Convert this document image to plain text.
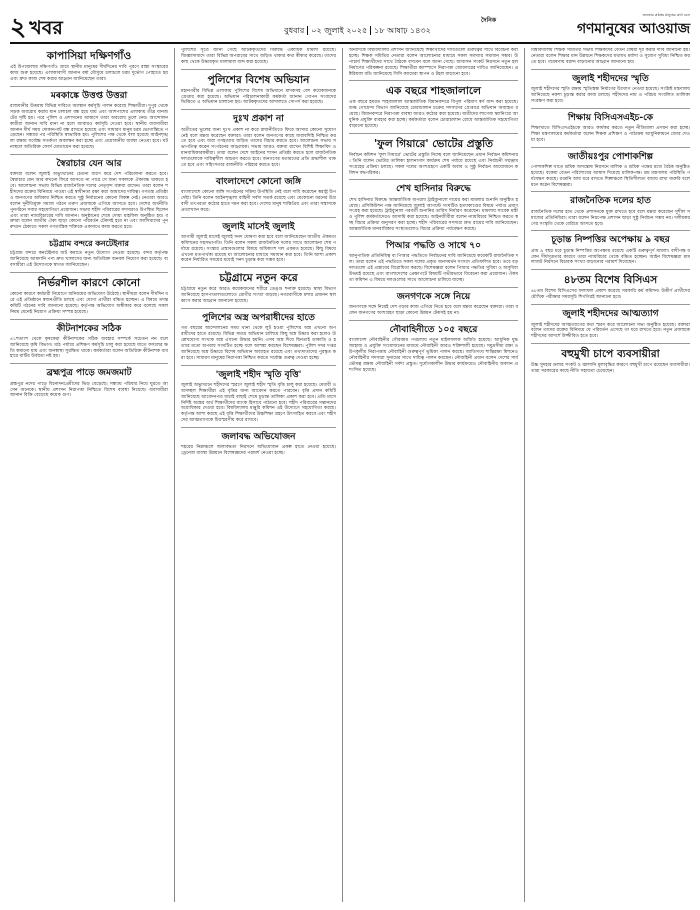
২ খবর	বুধবার ০২ জুলাই ২০২৫ ১৮ আষাঢ় ১৪৩২
জনতার কণ্ঠস্বর মানুষের কথা বলে
দৈনিক
গণমানুষের আওয়াজ
কাপাসিয়া দক্ষিণগাঁও
এই উপজেলার দক্ষিণগাঁও গ্রামে স্থানীয় মানুষের দীর্ঘদিনের দাবি পূরণে রাস্তা সংস্কারের কাজ শুরু হয়েছে। এলাকাবাসী জানান বর্ষা মৌসুমে চলাচলে চরম দুর্ভোগ পোহাতে হয় এবং দ্রুত কাজ শেষ করার আহ্বান জানিয়েছেন তারা।
মৰকাঙ্কে উত্তপ্ত উত্তরা
রাজধানীর উত্তরায় বিভিন্ন দাবিতে অবস্থান কর্মসূচি পালন করেছে শিক্ষার্থীরা। দুপুর থেকে সড়ক অবরোধ করায় যান চলাচল বন্ধ হয়ে যায় এবং আশপাশের এলাকায় তীব্র যানজটের সৃষ্টি হয়। পরে পুলিশ ও প্রশাসনের আশ্বাসে তারা অবরোধ তুলে নেয়। আন্দোলনকারীরা জানান দাবি মানা না হলে আবারও কর্মসূচি দেওয়া হবে। স্থানীয় ব্যবসায়ীরা জানান দীর্ঘ সময় দোকানপাট বন্ধ রাখতে হয়েছে এবং সাধারণ মানুষ চরম ভোগান্তিতে পড়েছেন। সন্ধ্যার পর পরিস্থিতি স্বাভাবিক হয়। পুলিশের পক্ষ থেকে বলা হয়েছে আইনশৃঙ্খলা রক্ষায় সর্বোচ্চ সতর্কতা অবলম্বন করা হচ্ছে এবং প্রয়োজনীয় ব্যবস্থা নেওয়া হবে। ঘটনাস্থলে অতিরিক্ত ফোর্স মোতায়েন করা হয়েছে।
স্বৈরাচার যেন আর
বক্তারা বলেন জুলাই অভ্যুত্থানের চেতনা ধারণ করে দেশ পরিচালনা করতে হবে। স্বৈরাচার যেন আর কখনো ফিরে আসতে না পারে সে জন্য সকলকে ঐক্যবদ্ধ থাকতে হবে। আলোচনা সভায় বিভিন্ন রাজনৈতিক দলের নেতৃবৃন্দ বক্তব্য রাখেন। তারা বলেন শহীদদের রক্তের বিনিময়ে পাওয়া এই স্বাধীনতা রক্ষা করা আমাদের দায়িত্ব। গণতন্ত্র প্রতিষ্ঠা ও জনগণের অধিকার নিশ্চিত করতে সুষ্ঠু নির্বাচনের কোনো বিকল্প নেই। নেতারা আরও বলেন দুর্নীতিমুক্ত সমাজ গঠনে তরুণ প্রজন্মকে এগিয়ে আসতে হবে। দেশের অর্থনীতি পুনর্গঠনে সবার সহযোগিতা প্রয়োজন। সভায় শহীদ পরিবারের সদস্যরাও উপস্থিত ছিলেন এবং তারা ন্যায়বিচারের দাবি জানান। অনুষ্ঠানের শেষে দোয়া মাহফিল অনুষ্ঠিত হয়। বক্তারা বলেন জাতীয় ঐক্য ছাড়া কোনো পরিবর্তন টেকসই হবে না এবং ফ্যাসিবাদের পুনরুত্থান ঠেকাতে সকল গণতান্ত্রিক শক্তিকে একসাথে কাজ করতে হবে।
চট্টগ্রাম বন্দরে কনটেইনার
চট্টগ্রাম বন্দরে কনটেইনার জট কমাতে নতুন উদ্যোগ নেওয়া হয়েছে। বন্দর কর্তৃপক্ষ জানিয়েছে আমদানি পণ্য দ্রুত খালাসের জন্য অতিরিক্ত জনবল নিয়োগ করা হয়েছে। ব্যবসায়ীরা এই উদ্যোগকে স্বাগত জানিয়েছেন।
নির্ভরশীল কারণে কোনো
কোনো কারণে কর্মচারী নিয়োগে অনিয়মের অভিযোগ উঠেছে। স্থানীয়রা বলেন দীর্ঘদিন ধরে এই প্রতিষ্ঠানে স্বজনপ্রীতি চলছে এবং যোগ্য প্রার্থীরা বঞ্চিত হচ্ছেন। এ বিষয়ে তদন্ত কমিটি গঠনের দাবি জানানো হয়েছে। কর্তৃপক্ষ অভিযোগ অস্বীকার করে বলেছে সকল নিয়ম মেনেই নিয়োগ প্রক্রিয়া সম্পন্ন হয়েছে।
কীটনাশকের সঠিক
৪১শতাংশ থেকে কৃষকেরা কীটনাশকের সঠিক ব্যবহার সম্পর্কে সচেতন নন বলে জানিয়েছে কৃষি বিভাগ। মাঠ পর্যায়ে প্রশিক্ষণ কর্মসূচি চালু করা হয়েছে যাতে ফসলের ক্ষতি কমানো যায় এবং জনস্বাস্থ্য সুরক্ষিত থাকে। কর্মকর্তারা বলেন অতিরিক্ত কীটনাশক ব্যবহারে মাটির উর্বরতা নষ্ট হয়।
ব্রহ্মপুত্র পাড়ে জমজমাট
ব্রহ্মপুত্র নদের পাড়ে বিনোদনপ্রেমীদের ভিড় বেড়েছে। সন্ধ্যায় পরিবার নিয়ে ঘুরতে আসেন অনেকে। স্থানীয় প্রশাসন নিরাপত্তা নিশ্চিতে বিশেষ ব্যবস্থা নিয়েছে। ব্যবসায়ীরা জানান বিক্রি বেড়েছে কয়েক গুণ।
পুলিশের সূত্রে জানা গেছে আটককৃতদের বিরুদ্ধে একাধিক মামলা রয়েছে। জিজ্ঞাসাবাদে তারা বিভিন্ন অপরাধের সাথে জড়িত থাকার কথা স্বীকার করেছে। তাদের কাছ থেকে উদ্ধারকৃত মালামাল জব্দ করা হয়েছে।
পুলিশের বিশেষ অভিযান
মহানগরীর বিভিন্ন এলাকায় পুলিশের বিশেষ অভিযানে মাদকসহ বেশ কয়েকজনকে গ্রেপ্তার করা হয়েছে। অভিযান পরিচালনাকারী কর্মকর্তা জানান গোপন সংবাদের ভিত্তিতে এ অভিযান চালানো হয়। আটককৃতদের আদালতে সোপর্দ করা হয়েছে।
দুঃখ প্রকাশ না
অতীতের ভুলের জন্য দুঃখ প্রকাশ না করে রাজনীতিতে ফিরে আসার কোনো সুযোগ নেই বলে মন্তব্য করেছেন বক্তারা। তারা বলেন জনগণের কাছে জবাবদিহি নিশ্চিত করতে হবে এবং যারা গণহত্যায় জড়িত তাদের বিচার করতে হবে। আলোচনা সভায় সভাপতিত্ব করেন সংগঠনের আহ্বায়ক। সভায় আরও বক্তব্য রাখেন বিশিষ্ট শিক্ষাবিদ ও মানবাধিকারকর্মীরা। তারা বলেন দেশে আইনের শাসন প্রতিষ্ঠা করতে হলে রাজনৈতিক দলগুলোকে দায়িত্বশীল আচরণ করতে হবে। জনগণের মতামতের প্রতি শ্রদ্ধাশীল থাকতে হবে এবং সহিংসতার রাজনীতি পরিহার করতে হবে।
বাংলাদেশে কোনো জঙ্গি
বাংলাদেশে কোনো জঙ্গি সংগঠনের সক্রিয় উপস্থিতি নেই বলে দাবি করেছেন স্বরাষ্ট্র উপদেষ্টা। তিনি বলেন আইনশৃঙ্খলা বাহিনী সর্বদা সতর্ক রয়েছে এবং যেকোনো ধরনের উগ্রবাদী তৎপরতা কঠোর হাতে দমন করা হবে। দেশের মানুষ শান্তিপ্রিয় এবং তারা সন্ত্রাসকে প্রত্যাখ্যান করে।
জুলাই মাসেই জুলাই
আগামী জুলাই মাসেই জুলাই সনদ ঘোষণা করা হবে বলে জানিয়েছেন জাতীয় ঐকমত্য কমিশনের সহসভাপতি। তিনি বলেন সকল রাজনৈতিক দলের সাথে আলোচনা শেষ পর্যায়ে রয়েছে। সংস্কার প্রস্তাবগুলোর বিষয়ে অধিকাংশ দল একমত হয়েছে। কিছু বিষয়ে এখনো মতপার্থক্য রয়েছে যা আলোচনার মাধ্যমে সমাধান করা হবে। তিনি আশা প্রকাশ করেন নির্ধারিত সময়ের মধ্যেই সনদ চূড়ান্ত করা সম্ভব হবে।
চট্টগ্রামে নতুন করে
চট্টগ্রামে নতুন করে আরও কয়েকজনের শরীরে ডেঙ্গু শনাক্ত হয়েছে। স্বাস্থ্য বিভাগ জানিয়েছে হাসপাতালগুলোতে রোগীর সংখ্যা বাড়ছে। নগরবাসীকে মশার প্রজনন স্থল ধ্বংস করার আহ্বান জানানো হয়েছে।
পুলিশের অস্ত্র অপরাধীদের হাতে
গত বছরের আন্দোলনের সময় থানা থেকে লুট হওয়া পুলিশের অস্ত্র এখনো অপরাধীদের হাতে রয়েছে। বিভিন্ন সময়ে অভিযান চালিয়ে কিছু অস্ত্র উদ্ধার করা হলেও উল্লেখযোগ্য সংখ্যক অস্ত্র এখনো উদ্ধার হয়নি। এসব অস্ত্র দিয়ে ছিনতাই ডাকাতি ও হত্যার মতো অপরাধ সংঘটিত হচ্ছে বলে আশঙ্কা করছেন বিশেষজ্ঞরা। পুলিশ সদর দপ্তর জানিয়েছে অস্ত্র উদ্ধারে বিশেষ অভিযান অব্যাহত রয়েছে এবং তথ্যদাতাদের পুরস্কৃত করা হবে। সাধারণ মানুষের নিরাপত্তা নিশ্চিত করতে সর্বোচ্চ গুরুত্ব দেওয়া হচ্ছে।
'জুলাই শহীদ স্মৃতি বৃত্তি'
জুলাই অভ্যুত্থানে শহীদদের স্মরণে জুলাই শহীদ স্মৃতি বৃত্তি চালু করা হয়েছে। মেধাবী ও অসচ্ছল শিক্ষার্থীরা এই বৃত্তির জন্য আবেদন করতে পারবেন। বৃত্তি প্রদান কমিটি জানিয়েছে আবেদনপত্র যাচাই বাছাই শেষে চূড়ান্ত তালিকা প্রকাশ করা হবে। প্রতি মাসে নির্দিষ্ট অঙ্কের অর্থ শিক্ষার্থীদের ব্যাংক হিসাবে পাঠানো হবে। শহীদ পরিবারের সন্তানদের অগ্রাধিকার দেওয়া হবে। বিশ্ববিদ্যালয় মঞ্জুরি কমিশন এই উদ্যোগে সহযোগিতা করছে। কর্তৃপক্ষ আশা করছে এই বৃত্তি শিক্ষার্থীদের উচ্চশিক্ষা গ্রহণে উৎসাহিত করবে এবং শহীদদের আত্মত্যাগকে চিরস্মরণীয় করে রাখবে।
জলাবদ্ধ অভিযোজন
শহরের নিম্নাঞ্চলে জলাবদ্ধতা নিরসনে অভিযোজন প্রকল্প হাতে নেওয়া হয়েছে। ড্রেনেজ ব্যবস্থা উন্নয়নে বিশেষজ্ঞদের পরামর্শ নেওয়া হচ্ছে।
অন্যদিকে বিশ্ববিদ্যালয় প্রশাসন জানিয়েছে শিক্ষার্থীদের দাবিগুলো গুরুত্বের সাথে বিবেচনা করা হচ্ছে। শিক্ষক সমিতির নেতারা বলেন আলোচনার মাধ্যমে সকল সমস্যার সমাধান সম্ভব। উপাচার্য শিক্ষার্থীদের সাথে বৈঠকে বসবেন বলে জানা গেছে। আবাসন সংকট নিরসনে নতুন হল নির্মাণের পরিকল্পনা রয়েছে। শিক্ষার্থীরা ক্যাম্পাসে নিরাপত্তা জোরদারের দাবিও জানিয়েছেন। প্রক্টরিয়াল বডি জানিয়েছে সিসি ক্যামেরা স্থাপন ও টহল বাড়ানো হবে।
এক বছরে শাহজালালে
এক বছরে হযরত শাহজালাল আন্তর্জাতিক বিমানবন্দরে বিপুল পরিমাণ স্বর্ণ জব্দ করা হয়েছে। শুল্ক গোয়েন্দা বিভাগ জানিয়েছে চোরাচালান চক্রের সদস্যদের গ্রেপ্তারে অভিযান অব্যাহত রয়েছে। বিমানবন্দরে নিরাপত্তা ব্যবস্থা আরও কঠোর করা হয়েছে। যাত্রীদের লাগেজ স্ক্যানিংয়ে আধুনিক প্রযুক্তি ব্যবহার করা হচ্ছে। কর্মকর্তারা বলেন চোরাচালান রোধে আন্তর্জাতিক সহযোগিতা বাড়ানো হয়েছে।
'ফুল গিয়ারে' ভোটের প্রস্তুতি
নির্বাচন কমিশন 'ফুল গিয়ারে' ভোটের প্রস্তুতি নিচ্ছে বলে জানিয়েছেন প্রধান নির্বাচন কমিশনার। তিনি বলেন ভোটার তালিকা হালনাগাদ কার্যক্রম শেষ পর্যায়ে রয়েছে এবং নির্বাচনী সরঞ্জাম সংগ্রহের প্রক্রিয়া চলছে। সকল দলের অংশগ্রহণে একটি অবাধ ও সুষ্ঠু নির্বাচন আয়োজনে কমিশন বদ্ধপরিকর।
শেখ হাসিনার বিরুদ্ধে
শেখ হাসিনার বিরুদ্ধে আন্তর্জাতিক অপরাধ ট্রাইব্যুনালে দায়ের করা মামলার শুনানি অনুষ্ঠিত হয়েছে। প্রসিকিউশন পক্ষ জানিয়েছে জুলাই আগস্টে সংঘটিত হত্যাকাণ্ডের বিষয়ে পর্যাপ্ত প্রমাণ সংগ্রহ করা হয়েছে। ট্রাইব্যুনাল পরবর্তী শুনানির তারিখ নির্ধারণ করেছেন। মামলায় সাবেক মন্ত্রী ও পুলিশ কর্মকর্তাদেরও আসামি করা হয়েছে। আইনজীবীরা বলেন ন্যায়বিচার নিশ্চিত করতে স্বচ্ছ বিচার প্রক্রিয়া অনুসরণ করা হচ্ছে। শহীদ পরিবারের সদস্যরা দ্রুত রায়ের দাবি জানিয়েছেন। আন্তর্জাতিক মানবাধিকার সংস্থাগুলোও বিচার প্রক্রিয়া পর্যবেক্ষণ করছে।
পিআর পদ্ধতি ও সাথে ৭০
আনুপাতিক প্রতিনিধিত্ব বা পিআর পদ্ধতিতে নির্বাচনের দাবি জানিয়েছে কয়েকটি রাজনৈতিক দল। তারা বলেন এই পদ্ধতিতে সকল দলের প্রকৃত জনসমর্থন সংসদে প্রতিফলিত হবে। তবে বড় দলগুলো এই প্রস্তাবের বিরোধিতা করছে। বিশেষজ্ঞরা বলেন পিআর পদ্ধতির সুবিধা ও অসুবিধা উভয়ই রয়েছে এবং বাংলাদেশের প্রেক্ষাপটে বিষয়টি গভীরভাবে বিবেচনা করা প্রয়োজন। ঐকমত্য কমিশন এ বিষয়ে দলগুলোর সাথে আলোচনা চালিয়ে যাচ্ছে।
জনগণকে সঙ্গে নিয়ে
জনগণকে সঙ্গে নিয়েই দেশ গড়ার কাজ এগিয়ে নিতে হবে বলে মন্তব্য করেছেন বক্তারা। তারা বলেন জনগণের অংশগ্রহণ ছাড়া কোনো উন্নয়ন টেকসই হয় না।
নৌবাহিনীতে ১০৫ বছরে
বাংলাদেশ নৌবাহিনীর গৌরবময় পথচলায় নতুন মাইলফলক অর্জিত হয়েছে। আধুনিক যুদ্ধজাহাজ ও প্রযুক্তি সংযোজনের মাধ্যমে নৌবাহিনী আরও শক্তিশালী হয়েছে। সমুদ্রসীমা রক্ষা ও উপকূলীয় নিরাপত্তায় নৌবাহিনী গুরুত্বপূর্ণ ভূমিকা পালন করছে। জাতিসংঘ শান্তিরক্ষা মিশনেও নৌবাহিনীর সদস্যরা সুনামের সাথে দায়িত্ব পালন করছেন। নৌবাহিনী প্রধান বলেন দেশের সার্বভৌমত্ব রক্ষায় নৌবাহিনী সর্বদা প্রস্তুত। দুর্যোগকালীন উদ্ধার কার্যক্রমেও নৌবাহিনীর অবদান প্রশংসিত হয়েছে।
বিশ্ববিদ্যালয় শিক্ষক সমিতির সভায় শিক্ষকদের বেতন বৈষম্য দূর করার দাবি জানানো হয়। নেতারা বলেন শিক্ষার মান উন্নয়নে শিক্ষকদের যথাযথ মর্যাদা ও সুযোগ সুবিধা নিশ্চিত করতে হবে। গবেষণায় বরাদ্দ বাড়ানোর আহ্বান জানানো হয়।
জুলাই শহীদদের স্মৃতি
জুলাই শহীদদের স্মৃতি রক্ষায় স্মৃতিস্তম্ভ নির্মাণের উদ্যোগ নেওয়া হয়েছে। সংশ্লিষ্ট মন্ত্রণালয় জানিয়েছে নকশা চূড়ান্ত করার কাজ চলছে। শহীদদের নাম ও পরিচয় সংবলিত তালিকা সংরক্ষণ করা হবে।
শিক্ষায় বিসিএসএইচ-কে
শিক্ষাখাতে বিসিএসএইচকে আরও কার্যকর করতে নতুন নীতিমালা প্রণয়ন করা হচ্ছে। শিক্ষা মন্ত্রণালয়ের কর্মকর্তারা বলেন শিক্ষক প্রশিক্ষণ ও পাঠ্যক্রম আধুনিকায়নে জোর দেওয়া হবে।
জাতীয়ঃপুর পোশাকশিল্প
পোশাকশিল্প খাতে শ্রমিক অসন্তোষ নিরসনে মালিক ও শ্রমিক পক্ষের মধ্যে বৈঠক অনুষ্ঠিত হয়েছে। বকেয়া বেতন পরিশোধের আশ্বাস দিয়েছে মালিকপক্ষ। শ্রম মন্ত্রণালয় পরিস্থিতি পর্যবেক্ষণ করছে। রপ্তানি আয় ধরে রাখতে শিল্পাঞ্চলে স্থিতিশীলতা বজায় রাখা জরুরি বলে মনে করেন বিশেষজ্ঞরা।
রাজনৈতিক দলের হাত
রাজনৈতিক দলের হাত থেকে প্রশাসনকে মুক্ত রাখতে হবে বলে মন্তব্য করেছেন সুশীল সমাজের প্রতিনিধিরা। তারা বলেন নিরপেক্ষ প্রশাসন ছাড়া সুষ্ঠু নির্বাচন সম্ভব নয়। দলীয়করণের সংস্কৃতি থেকে বেরিয়ে আসতে হবে।
চূড়ান্ত নিষ্পত্তির অপেক্ষায় ৯ বছর
প্রায় ৯ বছর ধরে চূড়ান্ত নিষ্পত্তির অপেক্ষায় রয়েছে একটি গুরুত্বপূর্ণ মামলা। বাদীপক্ষ বলেন দীর্ঘসূত্রতার কারণে তারা ন্যায়বিচার থেকে বঞ্চিত হচ্ছেন। আইন বিশেষজ্ঞরা মামলাজট নিরসনে বিচারক সংখ্যা বাড়ানোর পরামর্শ দিয়েছেন।
৪৮তম বিশেষ বিসিএস
৪৮তম বিশেষ বিসিএসের ফলাফল প্রকাশ করেছে সরকারি কর্ম কমিশন। উত্তীর্ণ প্রার্থীদের মৌখিক পরীক্ষার সময়সূচি শিগগিরই জানানো হবে।
জুলাই শহীদদের আত্মত্যাগ
জুলাই শহীদদের আত্মত্যাগের কথা স্মরণ করে আলোচনা সভা অনুষ্ঠিত হয়েছে। বক্তারা বলেন তাদের রক্তের বিনিময়ে যে পরিবর্তন এসেছে তা ধরে রাখতে হবে। নতুন প্রজন্মকে শহীদদের আদর্শে উজ্জীবিত হতে হবে।
বহুমুখী চাপে ব্যবসায়ীরা
উচ্চ সুদহার ডলার সংকট ও জ্বালানি মূল্যবৃদ্ধির কারণে বহুমুখী চাপে রয়েছেন ব্যবসায়ীরা। তারা সরকারের কাছে নীতি সহায়তা চেয়েছেন।
